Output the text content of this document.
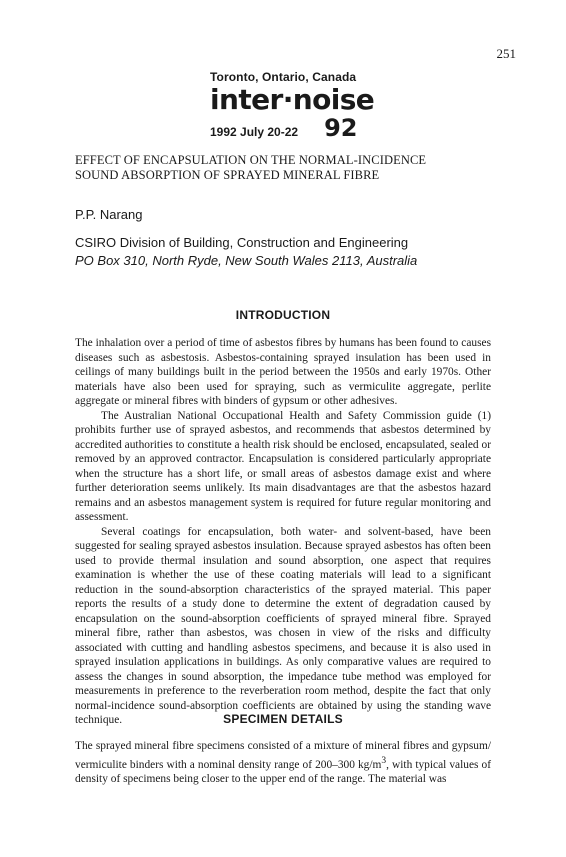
251
Toronto, Ontario, Canada
inter·noise
1992 July 20-22 92
EFFECT OF ENCAPSULATION ON THE NORMAL-INCIDENCE
SOUND ABSORPTION OF SPRAYED MINERAL FIBRE
P.P. Narang
CSIRO Division of Building, Construction and Engineering
PO Box 310, North Ryde, New South Wales 2113, Australia
INTRODUCTION

The inhalation over a period of time of asbestos fibres by humans has been found to causes diseases such as asbestosis. Asbestos-containing sprayed insulation has been used in ceilings of many buildings built in the period between the 1950s and early 1970s. Other materials have also been used for spraying, such as vermiculite aggregate, perlite aggregate or mineral fibres with binders of gypsum or other adhesives.

The Australian National Occupational Health and Safety Commission guide (1) prohibits further use of sprayed asbestos, and recommends that asbestos determined by accredited authorities to constitute a health risk should be enclosed, encapsulated, sealed or removed by an approved contractor. Encapsulation is considered particularly appropriate when the structure has a short life, or small areas of asbestos damage exist and where further deterioration seems unlikely. Its main disadvantages are that the asbestos hazard remains and an asbestos management system is required for future regular monitoring and assessment.

Several coatings for encapsulation, both water- and solvent-based, have been suggested for sealing sprayed asbestos insulation. Because sprayed asbestos has often been used to provide thermal insulation and sound absorption, one aspect that requires examination is whether the use of these coating materials will lead to a significant reduction in the sound-absorption characteristics of the sprayed material. This paper reports the results of a study done to determine the extent of degradation caused by encapsulation on the sound-absorption coefficients of sprayed mineral fibre. Sprayed mineral fibre, rather than asbestos, was chosen in view of the risks and difficulty associated with cutting and handling asbestos specimens, and because it is also used in sprayed insulation applications in buildings. As only comparative values are required to assess the changes in sound absorption, the impedance tube method was employed for measurements in preference to the reverberation room method, despite the fact that only normal-incidence sound-absorption coefficients are obtained by using the standing wave technique.	SPECIMEN DETAILS

The sprayed mineral fibre specimens consisted of a mixture of mineral fibres and gypsum/ vermiculite binders with a nominal density range of 200–300 $kg/m^3$, with typical values of density of specimens being closer to the upper end of the range. The material was
